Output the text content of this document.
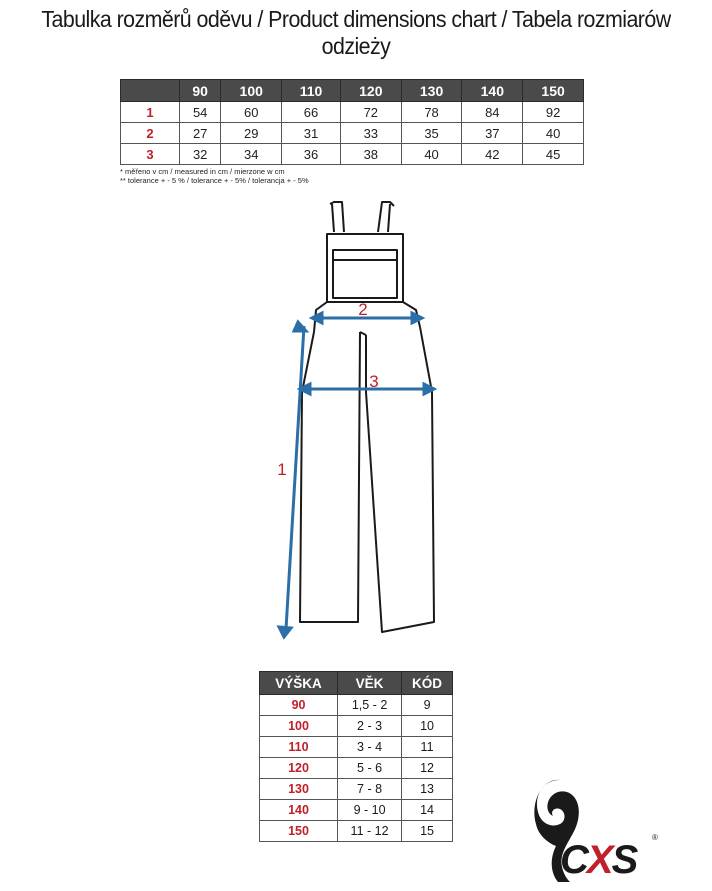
Tabulka rozměrů oděvu / Product dimensions chart / Tabela rozmiarów odzieży
	90	100	110	120	130	140	150
1	54	60	66	72	78	84	92
2	27	29	31	33	35	37	40
3	32	34	36	38	40	42	45
* měřeno v cm / measured in cm / mierzone w cm
** tolerance + - 5 % / tolerance + - 5% / tolerancja + - 5%
2
3
1
VÝŠKA	VĚK	KÓD
90	1,5 - 2	9
100	2 - 3	10
110	3 - 4	11
120	5 - 6	12
130	7 - 8	13
140	9 - 10	14
150	11 - 12	15
CXS
®
